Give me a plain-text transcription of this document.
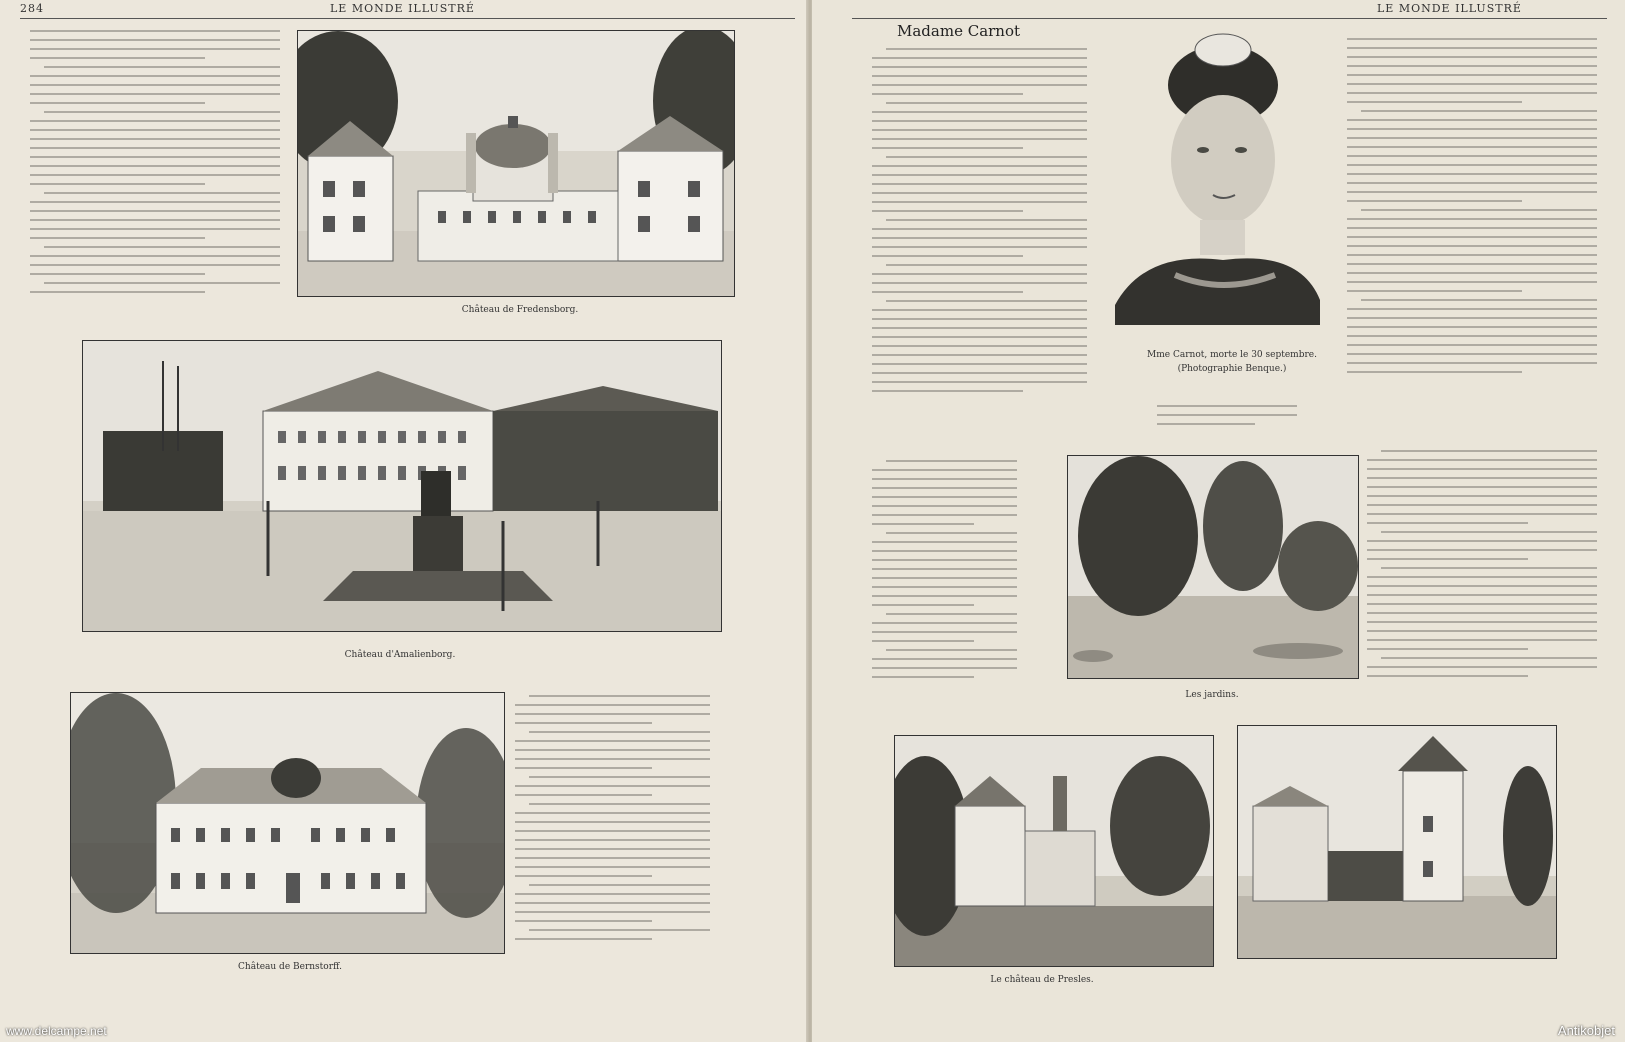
284	LE MONDE ILLUSTRÉ
Château de Fredensborg.
Château d'Amalienborg.
Château de Bernstorff.
www.delcampe.net
LE MONDE ILLUSTRÉ
Madame Carnot
Mme Carnot, morte le 30 septembre.
(Photographie Benque.)
Les jardins.
Le château de Presles.
Antikobjet
